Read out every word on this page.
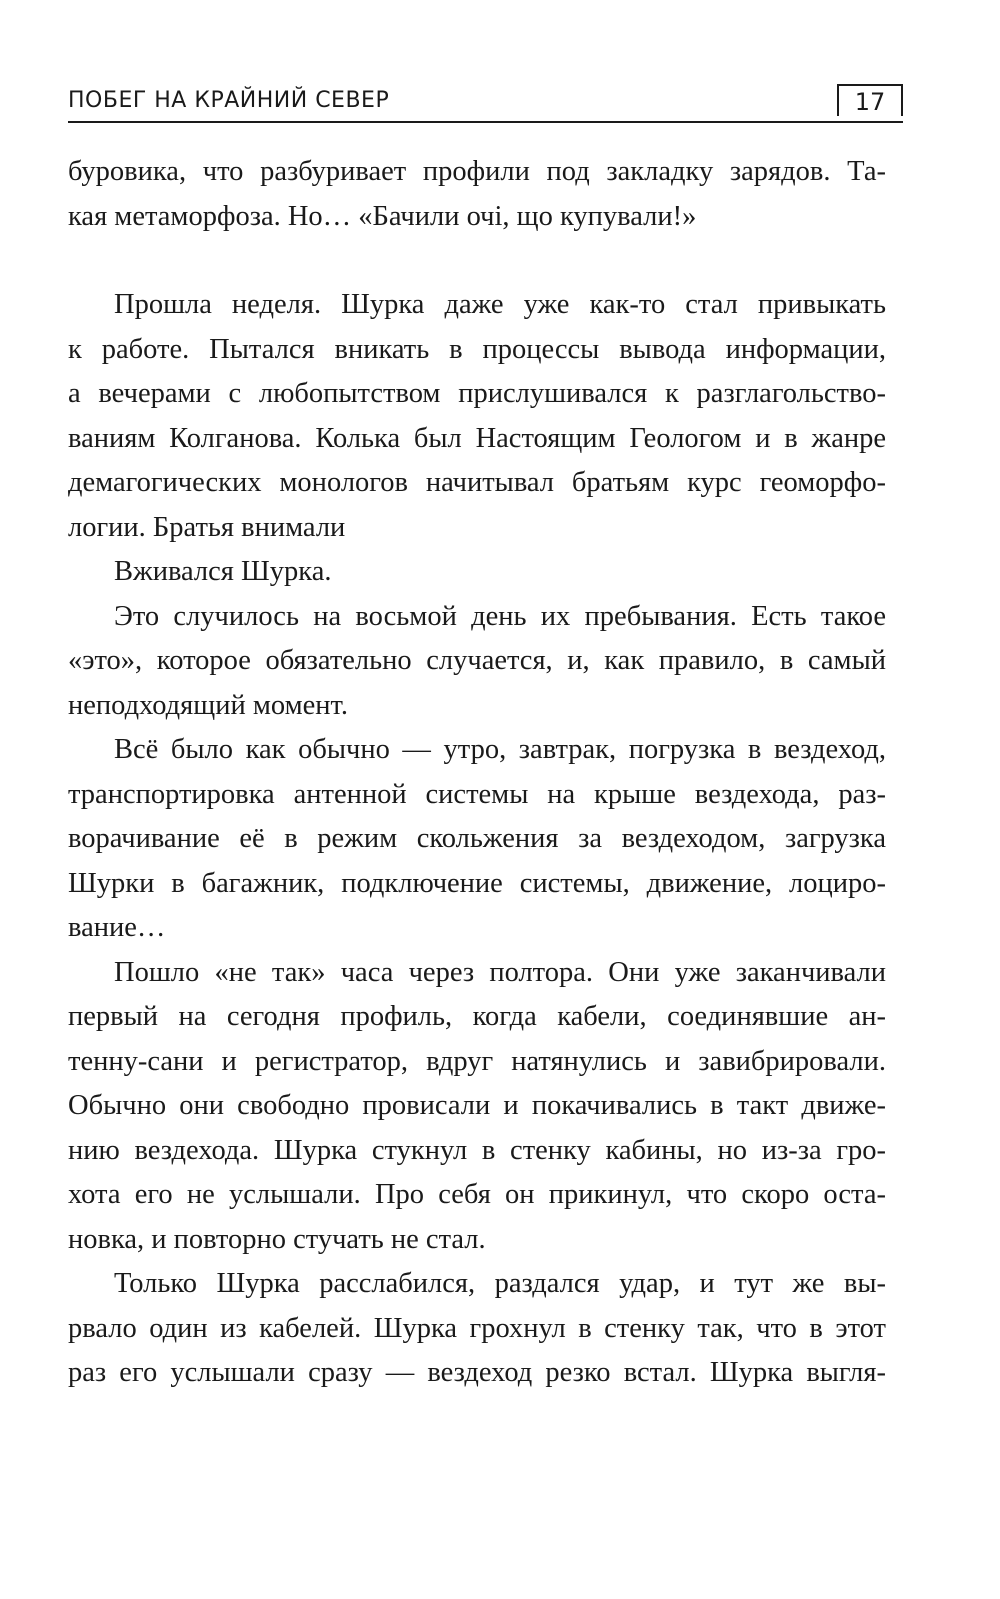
ПОБЕГ НА КРАЙНИЙ СЕВЕР	17
буровика, что разбуривает профили под закладку зарядов. Та-
кая метаморфоза. Но… «Бачили очі, що купували!»
Прошла неделя. Шурка даже уже как-то стал привыкать
к работе. Пытался вникать в процессы вывода информации,
а вечерами с любопытством прислушивался к разглагольство-
ваниям Колганова. Колька был Настоящим Геологом и в жанре
демагогических монологов начитывал братьям курс геоморфо-
логии. Братья внимали
Вживался Шурка.
Это случилось на восьмой день их пребывания. Есть такое
«это», которое обязательно случается, и, как правило, в самый
неподходящий момент.
Всё было как обычно — утро, завтрак, погрузка в вездеход,
транспортировка антенной системы на крыше вездехода, раз-
ворачивание её в режим скольжения за вездеходом, загрузка
Шурки в багажник, подключение системы, движение, лоциро-
вание…
Пошло «не так» часа через полтора. Они уже заканчивали
первый на сегодня профиль, когда кабели, соединявшие ан-
тенну-сани и регистратор, вдруг натянулись и завибрировали.
Обычно они свободно провисали и покачивались в такт движе-
нию вездехода. Шурка стукнул в стенку кабины, но из-за гро-
хота его не услышали. Про себя он прикинул, что скоро оста-
новка, и повторно стучать не стал.
Только Шурка расслабился, раздался удар, и тут же вы-
рвало один из кабелей. Шурка грохнул в стенку так, что в этот
раз его услышали сразу — вездеход резко встал. Шурка выгля-
